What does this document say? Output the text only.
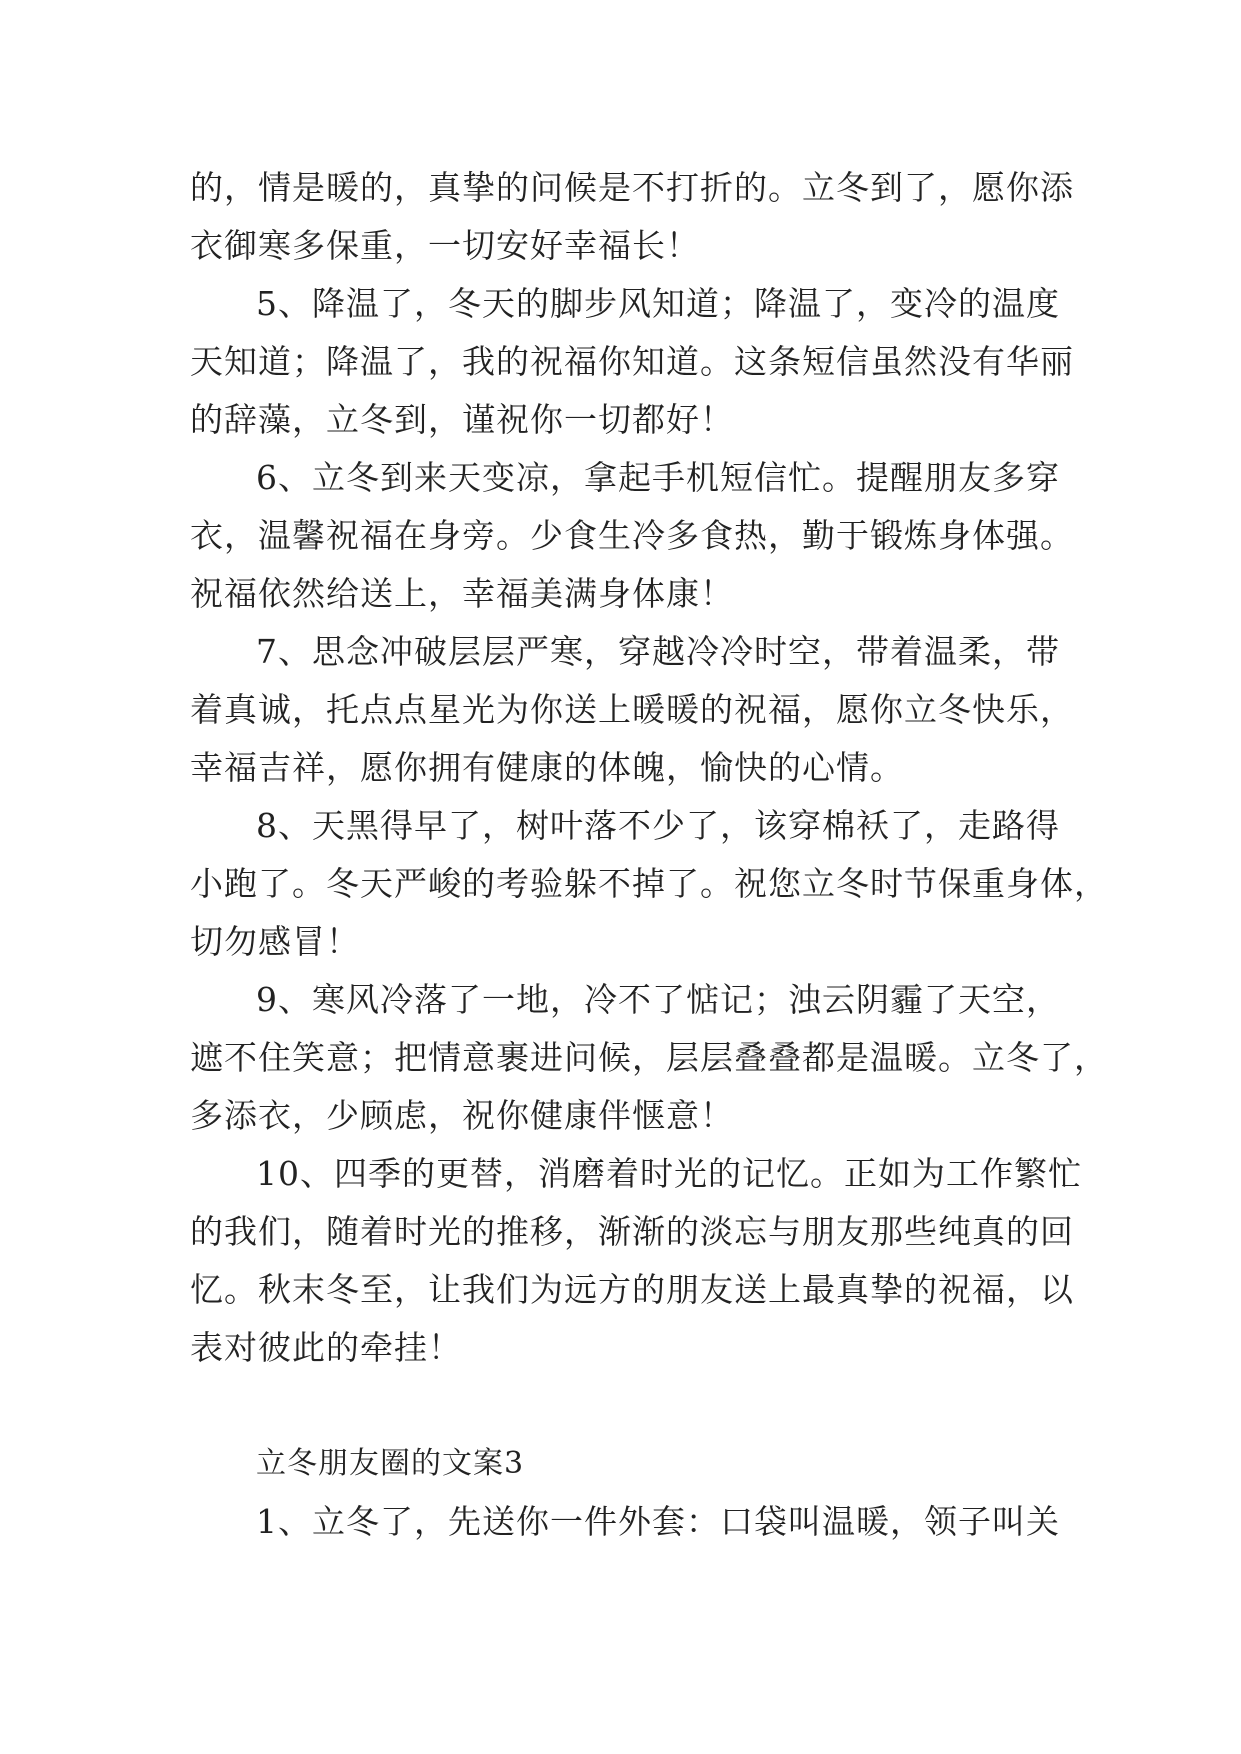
的，情是暖的，真挚的问候是不打折的。立冬到了，愿你添
衣御寒多保重，一切安好幸福长！
5、降温了，冬天的脚步风知道；降温了，变冷的温度
天知道；降温了，我的祝福你知道。这条短信虽然没有华丽
的辞藻，立冬到，谨祝你一切都好！
6、立冬到来天变凉，拿起手机短信忙。提醒朋友多穿
衣，温馨祝福在身旁。少食生冷多食热，勤于锻炼身体强。
祝福依然给送上，幸福美满身体康！
7、思念冲破层层严寒，穿越冷冷时空，带着温柔，带
着真诚，托点点星光为你送上暖暖的祝福，愿你立冬快乐，
幸福吉祥，愿你拥有健康的体魄，愉快的心情。
8、天黑得早了，树叶落不少了，该穿棉袄了，走路得
小跑了。冬天严峻的考验躲不掉了。祝您立冬时节保重身体，
切勿感冒！
9、寒风冷落了一地，冷不了惦记；浊云阴霾了天空，
遮不住笑意；把情意裹进问候，层层叠叠都是温暖。立冬了，
多添衣，少顾虑，祝你健康伴惬意！
10、四季的更替，消磨着时光的记忆。正如为工作繁忙
的我们，随着时光的推移，渐渐的淡忘与朋友那些纯真的回
忆。秋末冬至，让我们为远方的朋友送上最真挚的祝福，以
表对彼此的牵挂！
立冬朋友圈的文案3
1、立冬了，先送你一件外套：口袋叫温暖，领子叫关
